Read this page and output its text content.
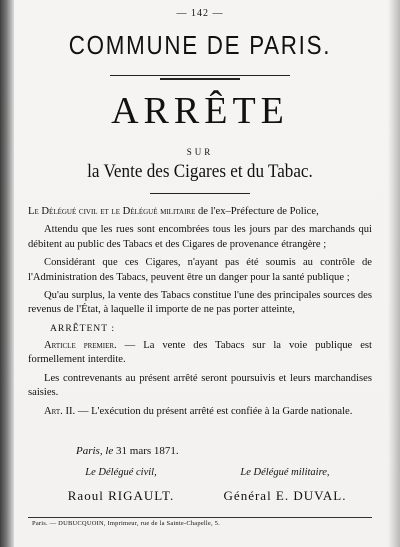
— 142 —
COMMUNE DE PARIS.
ARRÊTE
SUR
la Vente des Cigares et du Tabac.

Le Délégué civil et le Délégué militaire de l'ex–Préfecture de Police,

Attendu que les rues sont encombrées tous les jours par des marchands qui débitent au public des Tabacs et des Cigares de provenance étrangère ;

Considérant que ces Cigares, n'ayant pas été soumis au contrôle de l'Administration des Tabacs, peuvent être un danger pour la santé publique ;

Qu'au surplus, la vente des Tabacs constitue l'une des principales sources des revenus de l'État, à laquelle il importe de ne pas porter atteinte,

ARRÊTENT :

Article premier. — La vente des Tabacs sur la voie publique est formellement interdite.

Les contrevenants au présent arrêté seront poursuivis et leurs marchandises saisies.

Art. II. — L'exécution du présent arrêté est confiée à la Garde nationale.

Paris, le 31 mars 1871.
Le Délégué civil,
Raoul RIGAULT.
Le Délégué militaire,
Général E. DUVAL.
Paris. — DUBUCQUOIN, Imprimeur, rue de la Sainte-Chapelle, 5.
